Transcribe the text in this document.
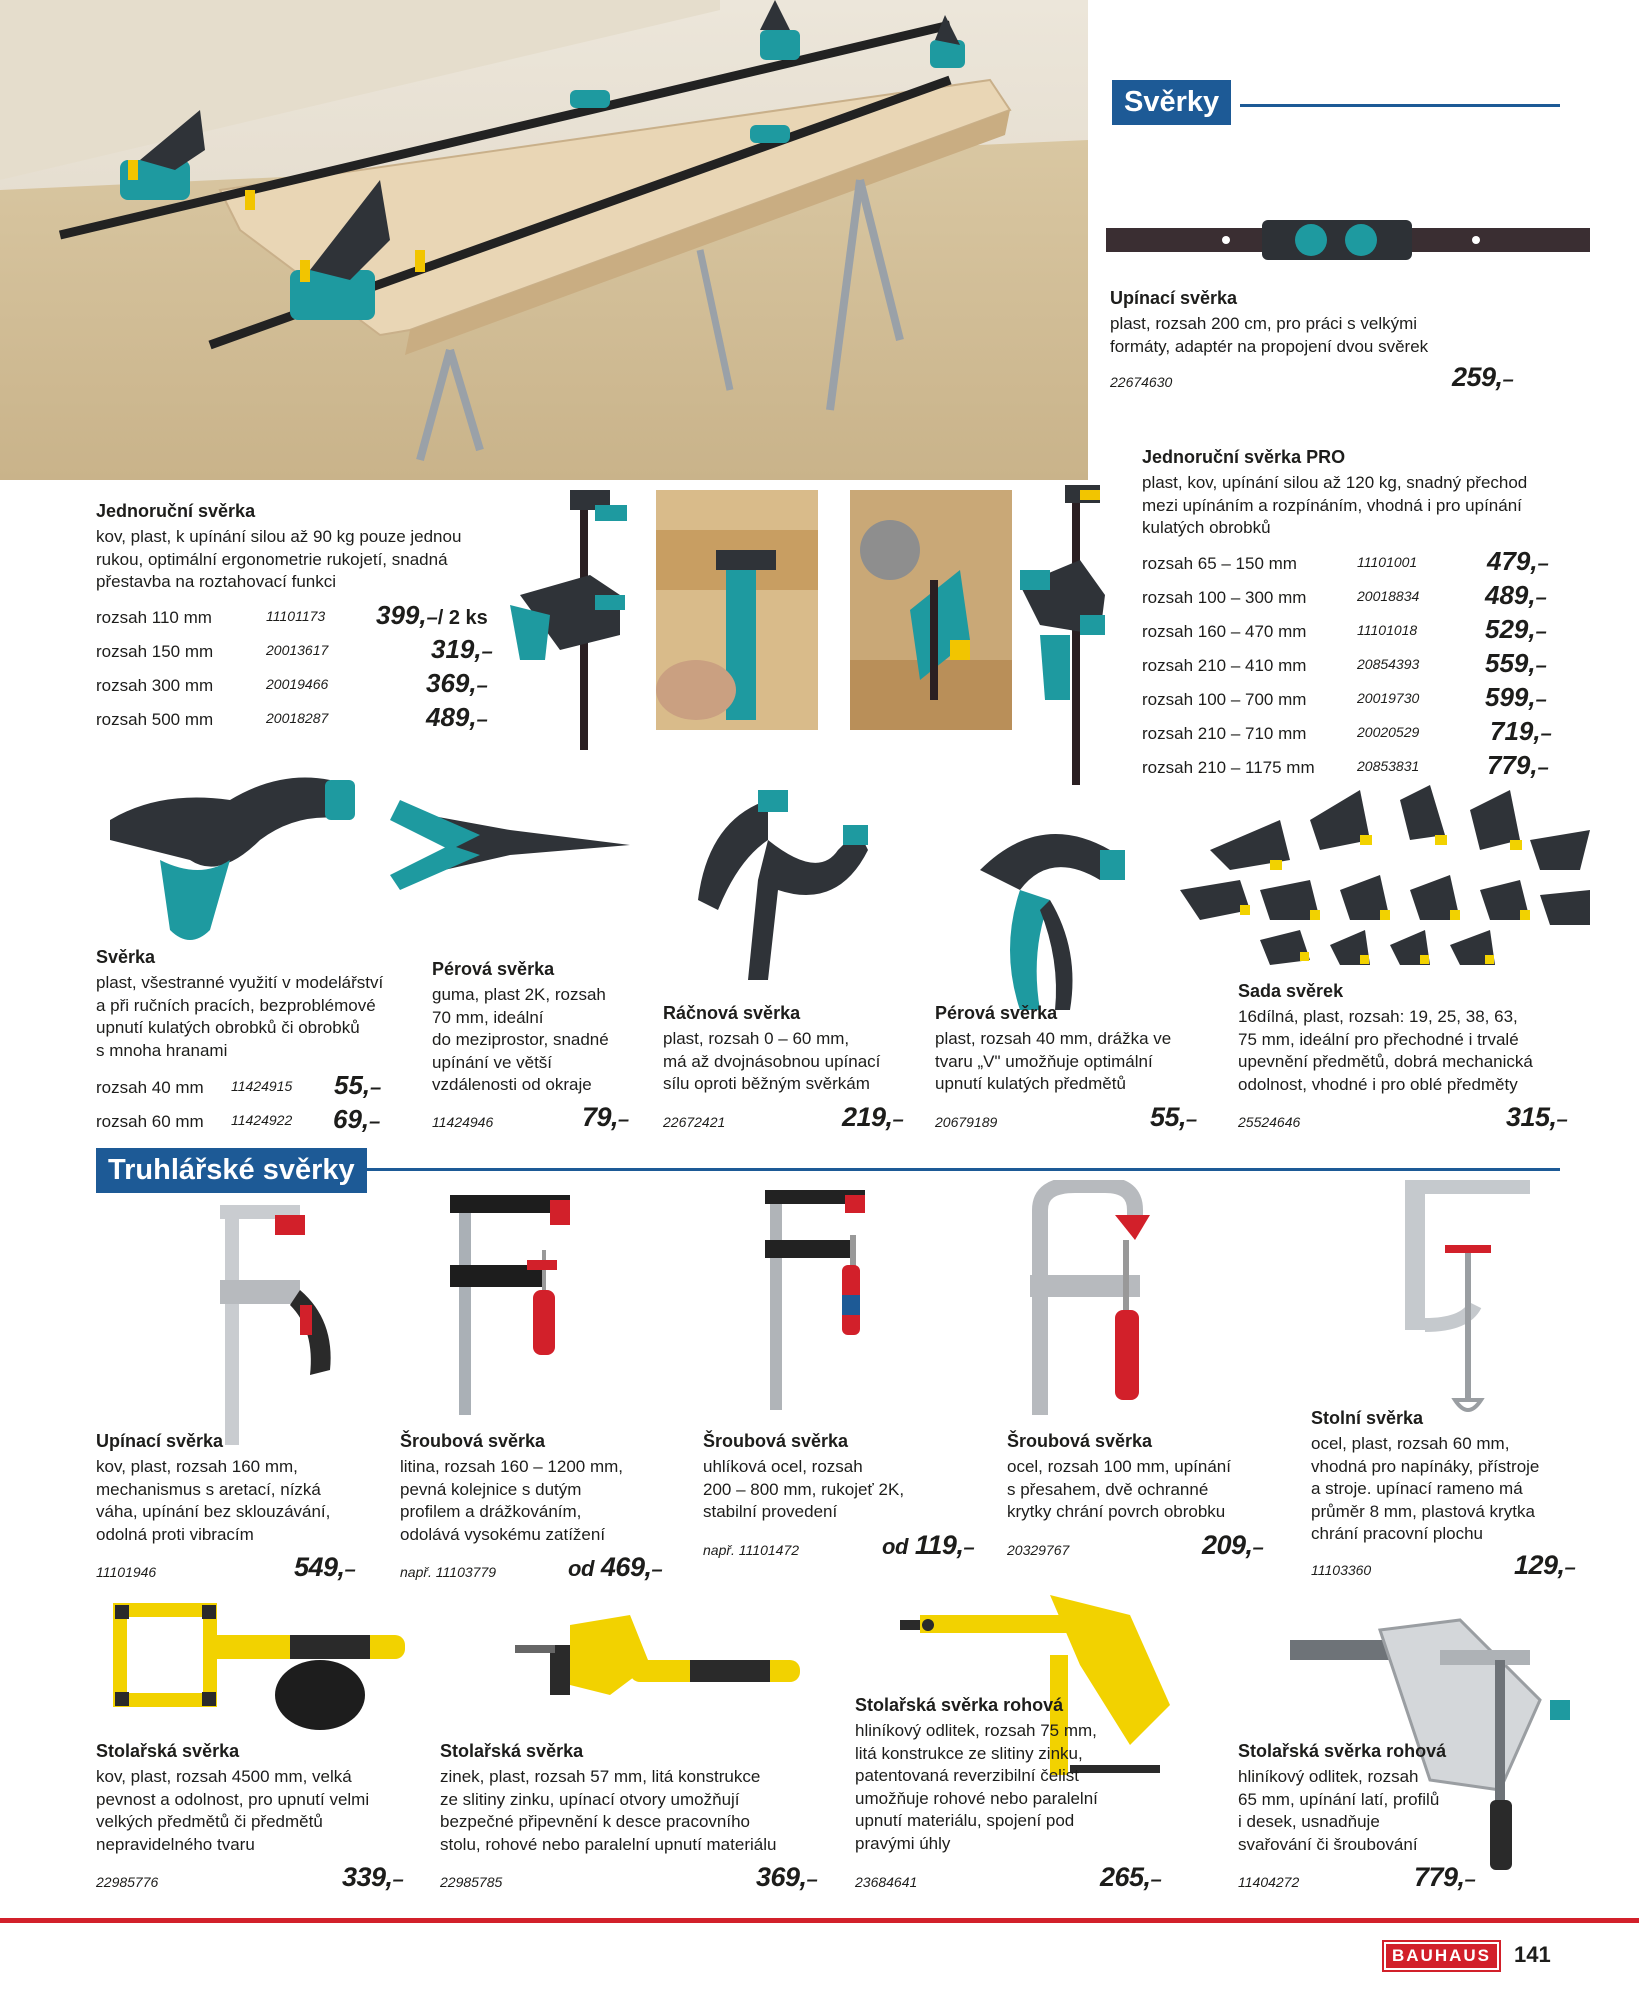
Svěrky
Upínací svěrka
plast, rozsah 200 cm, pro práci s velkými
formáty, adaptér na propojení dvou svěrek
22674630	259,–
Jednoruční svěrka
kov, plast, k upínání silou až 90 kg pouze jednou
rukou, optimální ergonometrie rukojetí, snadná
přestavba na roztahovací funkci
rozsah 110 mm	11101173 399,–/ 2 ks
rozsah 150 mm	20013617	319,–
rozsah 300 mm	20019466	369,–
rozsah 500 mm	20018287	489,–
Jednoruční svěrka PRO
plast, kov, upínání silou až 120 kg, snadný přechod
mezi upínáním a rozpínáním, vhodná i pro upínání
kulatých obrobků
rozsah 65 – 150 mm	11101001	479,–
rozsah 100 – 300 mm	20018834	489,–
rozsah 160 – 470 mm	11101018	529,–
rozsah 210 – 410 mm	20854393	559,–
rozsah 100 – 700 mm	20019730	599,–
rozsah 210 – 710 mm	20020529	719,–
rozsah 210 – 1175 mm	20853831	779,–
Svěrka
plast, všestranné využití v modelářství
a při ručních pracích, bezproblémové
upnutí kulatých obrobků či obrobků
s mnoha hranami
rozsah 40 mm 11424915 55,–
rozsah 60 mm 11424922 69,–
Pérová svěrka
guma, plast 2K, rozsah
70 mm, ideální
do meziprostor, snadné
upínání ve větší
vzdálenosti od okraje
11424946	79,–
Ráčnová svěrka
plast, rozsah 0 – 60 mm,
má až dvojnásobnou upínací
sílu oproti běžným svěrkám
22672421	219,–
Pérová svěrka
plast, rozsah 40 mm, drážka ve
tvaru „V" umožňuje optimální
upnutí kulatých předmětů
20679189	55,–
Sada svěrek
16dílná, plast, rozsah: 19, 25, 38, 63,
75 mm, ideální pro přechodné i trvalé
upevnění předmětů, dobrá mechanická
odolnost, vhodné i pro oblé předměty
25524646	315,–
Truhlářské svěrky
Upínací svěrka
kov, plast, rozsah 160 mm,
mechanismus s aretací, nízká
váha, upínání bez sklouzávání,
odolná proti vibracím
11101946	549,–
Šroubová svěrka
litina, rozsah 160 – 1200 mm,
pevná kolejnice s dutým
profilem a drážkováním,
odolává vysokému zatížení
např. 11103779	od 469,–
Šroubová svěrka
uhlíková ocel, rozsah
200 – 800 mm, rukojeť 2K,
stabilní provedení
např. 11101472	od 119,–
Šroubová svěrka
ocel, rozsah 100 mm, upínání
s přesahem, dvě ochranné
krytky chrání povrch obrobku
20329767	209,–
Stolní svěrka
ocel, plast, rozsah 60 mm,
vhodná pro napínáky, přístroje
a stroje. upínací rameno má
průměr 8 mm, plastová krytka
chrání pracovní plochu
11103360	129,–
Stolařská svěrka
kov, plast, rozsah 4500 mm, velká
pevnost a odolnost, pro upnutí velmi
velkých předmětů či předmětů
nepravidelného tvaru
22985776	339,–
Stolařská svěrka
zinek, plast, rozsah 57 mm, litá konstrukce
ze slitiny zinku, upínací otvory umožňují
bezpečné připevnění k desce pracovního
stolu, rohové nebo paralelní upnutí materiálu
22985785	369,–
Stolařská svěrka rohová
hliníkový odlitek, rozsah 75 mm,
litá konstrukce ze slitiny zinku,
patentovaná reverzibilní čelist
umožňuje rohové nebo paralelní
upnutí materiálu, spojení pod
pravými úhly
23684641	265,–
Stolařská svěrka rohová
hliníkový odlitek, rozsah
65 mm, upínání latí, profilů
i desek, usnadňuje
svařování či šroubování
11404272	779,–
BAUHAUS	141
